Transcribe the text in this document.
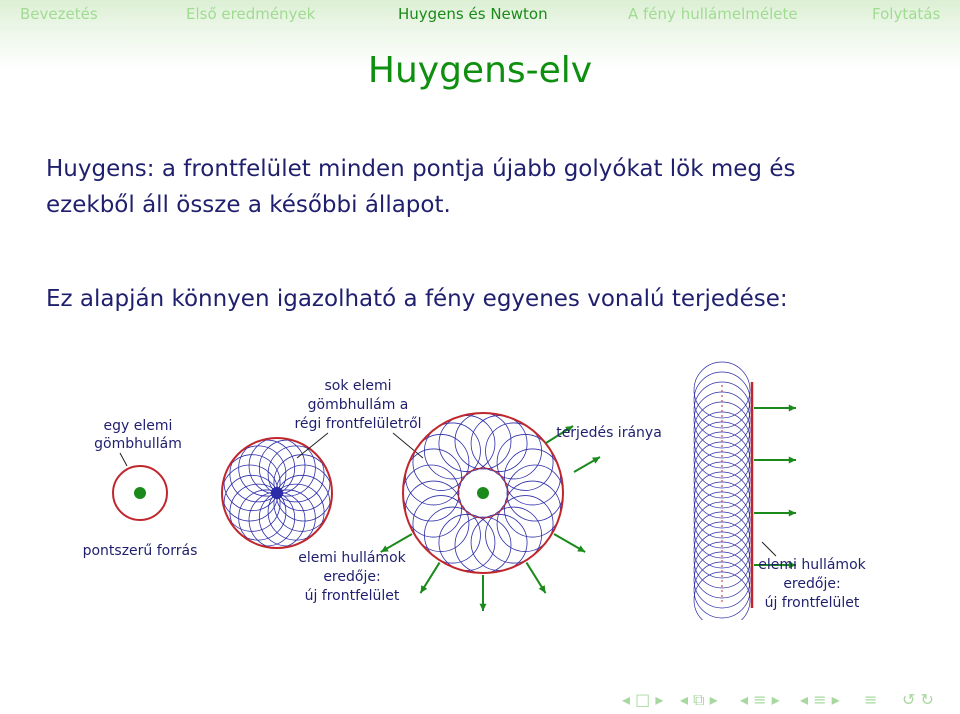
Bevezetés	Első eredmények	Huygens és Newton	A fény hullámelmélete	Folytatás
Huygens-elv
Huygens: a frontfelület minden pontja újabb golyókat lök meg és
ezekből áll össze a későbbi állapot.
Ez alapján könnyen igazolható a fény egyenes vonalú terjedése:
egy elemi
gömbhullám
pontszerű forrás
sok elemi
gömbhullám a
régi frontfelületről
elemi hullámok
eredője:
új frontfelület
terjedés iránya
elemi hullámok
eredője:
új frontfelület
◂ □ ▸ ◂ ⧉ ▸ ◂ ≡ ▸ ◂ ≡ ▸ ≡ ↺ ↻
